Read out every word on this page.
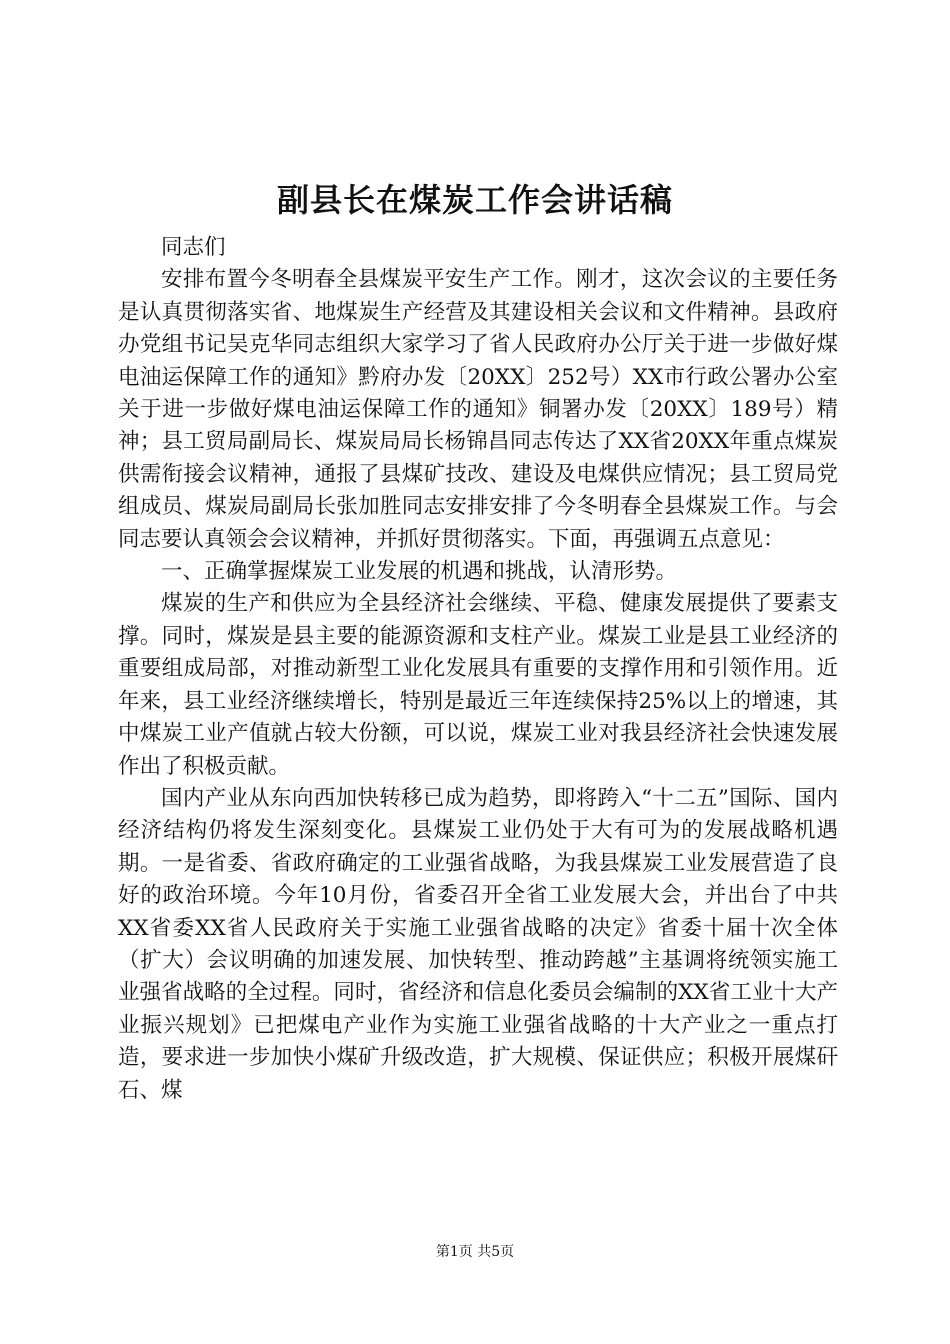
副县长在煤炭工作会讲话稿

同志们

安排布置今冬明春全县煤炭平安生产工作。刚才，这次会议的主要任务是认真贯彻落实省、地煤炭生产经营及其建设相关会议和文件精神。县政府办党组书记吴克华同志组织大家学习了省人民政府办公厅关于进一步做好煤电油运保障工作的通知》黔府办发〔20XX〕252号）XX市行政公署办公室关于进一步做好煤电油运保障工作的通知》铜署办发〔20XX〕189号）精神；县工贸局副局长、煤炭局局长杨锦昌同志传达了XX省20XX年重点煤炭供需衔接会议精神，通报了县煤矿技改、建设及电煤供应情况；县工贸局党组成员、煤炭局副局长张加胜同志安排安排了今冬明春全县煤炭工作。与会同志要认真领会会议精神，并抓好贯彻落实。下面，再强调五点意见：

一、正确掌握煤炭工业发展的机遇和挑战，认清形势。

煤炭的生产和供应为全县经济社会继续、平稳、健康发展提供了要素支撑。同时，煤炭是县主要的能源资源和支柱产业。煤炭工业是县工业经济的重要组成局部，对推动新型工业化发展具有重要的支撑作用和引领作用。近年来，县工业经济继续增长，特别是最近三年连续保持25%以上的增速，其中煤炭工业产值就占较大份额，可以说，煤炭工业对我县经济社会快速发展作出了积极贡献。

国内产业从东向西加快转移已成为趋势，即将跨入“十二五”国际、国内经济结构仍将发生深刻变化。县煤炭工业仍处于大有可为的发展战略机遇期。一是省委、省政府确定的工业强省战略，为我县煤炭工业发展营造了良好的政治环境。今年10月份，省委召开全省工业发展大会，并出台了中共XX省委XX省人民政府关于实施工业强省战略的决定》省委十届十次全体（扩大）会议明确的加速发展、加快转型、推动跨越”主基调将统领实施工业强省战略的全过程。同时，省经济和信息化委员会编制的XX省工业十大产业振兴规划》已把煤电产业作为实施工业强省战略的十大产业之一重点打造，要求进一步加快小煤矿升级改造，扩大规模、保证供应；积极开展煤矸石、煤

第1页 共5页
